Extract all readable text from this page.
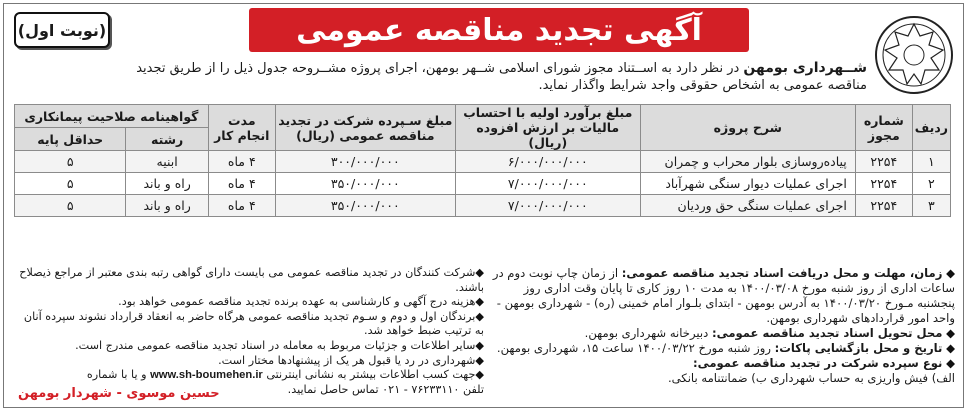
آگهی تجدید مناقصه عمومی
(نوبت اول)
شــهرداری بومهن در نظر دارد به اســتناد مجوز شورای اسلامی شــهر بومهن، اجرای پروژه مشــروحه جدول ذیل را از طریق تجدید مناقصه عمومی به اشخاص حقوقی واجد شرایط واگذار نماید.
ردیف	شماره مجوز	شرح پروژه	مبلغ برآورد اولیه با احتساب مالیات بر ارزش افزوده (ریال)	مبلغ سـپرده شرکت در تجدید مناقصه عمومی (ریال)	مدت انجام کار	گواهینامه صلاحیت پیمانکاری	
						رشته	حداقل پایه
۱	۲۲۵۴	پیاده‌روسازی بلوار محراب و چمران	۶/۰۰۰/۰۰۰/۰۰۰	۳۰۰/۰۰۰/۰۰۰	۴ ماه	ابنیه	۵
۲	۲۲۵۴	اجرای عملیات دیوار سنگی شهرآباد	۷/۰۰۰/۰۰۰/۰۰۰	۳۵۰/۰۰۰/۰۰۰	۴ ماه	راه و باند	۵
۳	۲۲۵۴	اجرای عملیات سنگی حق وردیان	۷/۰۰۰/۰۰۰/۰۰۰	۳۵۰/۰۰۰/۰۰۰	۴ ماه	راه و باند	۵

◆ زمان، مهلت و محل دریافت اسناد تجدید مناقصه عمومی: از زمان چاپ نوبت دوم در ساعات اداری از روز شنبه مورخ ۱۴۰۰/۰۳/۰۸ به مدت ۱۰ روز کاری تا پایان وقت اداری روز پنجشنبه مـورخ ۱۴۰۰/۰۳/۲۰ به آدرس بومهن - ابتدای بلـوار امام خمینی (ره) - شهرداری بومهن - واحد امور قراردادهای شهرداری بومهن.

◆ محل تحویل اسناد تجدید مناقصه عمومی: دبیرخانه شهرداری بومهن.

◆ تاریخ و محل بازگشایی پاکات: روز شنبه مورخ ۱۴۰۰/۰۳/۲۲ ساعت ۱۵، شهرداری بومهن.

◆ نوع سپرده شرکت در تجدید مناقصه عمومی:
الف) فیش واریزی به حساب شهرداری ب) ضمانتنامه بانکی.

◆شرکت کنندگان در تجدید مناقصه عمومی می بایست دارای گواهی رتبه بندی معتبر از مراجع ذیصلاح باشند.

◆هزینه درج آگهی و کارشناسی به عهده برنده تجدید مناقصه عمومی خواهد بود.

◆برندگان اول و دوم و سـوم تجدید مناقصه عمومی هرگاه حاضر به انعقاد قرارداد نشوند سپرده آنان به ترتیب ضبط خواهد شد.

◆سایر اطلاعات و جزئیات مربوط به معامله در اسناد تجدید مناقصه عمومی مندرج است.

◆شهرداری در رد یا قبول هر یک از پیشنهادها مختار است.

◆جهت کسب اطلاعات بیشتر به نشانی اینترنتی www.sh-boumehen.ir و یا با شماره
تلفن ۷۶۲۳۳۱۱۰ - ۰۲۱ تماس حاصل نمایید.

حسین موسوی - شهردار بومهن
